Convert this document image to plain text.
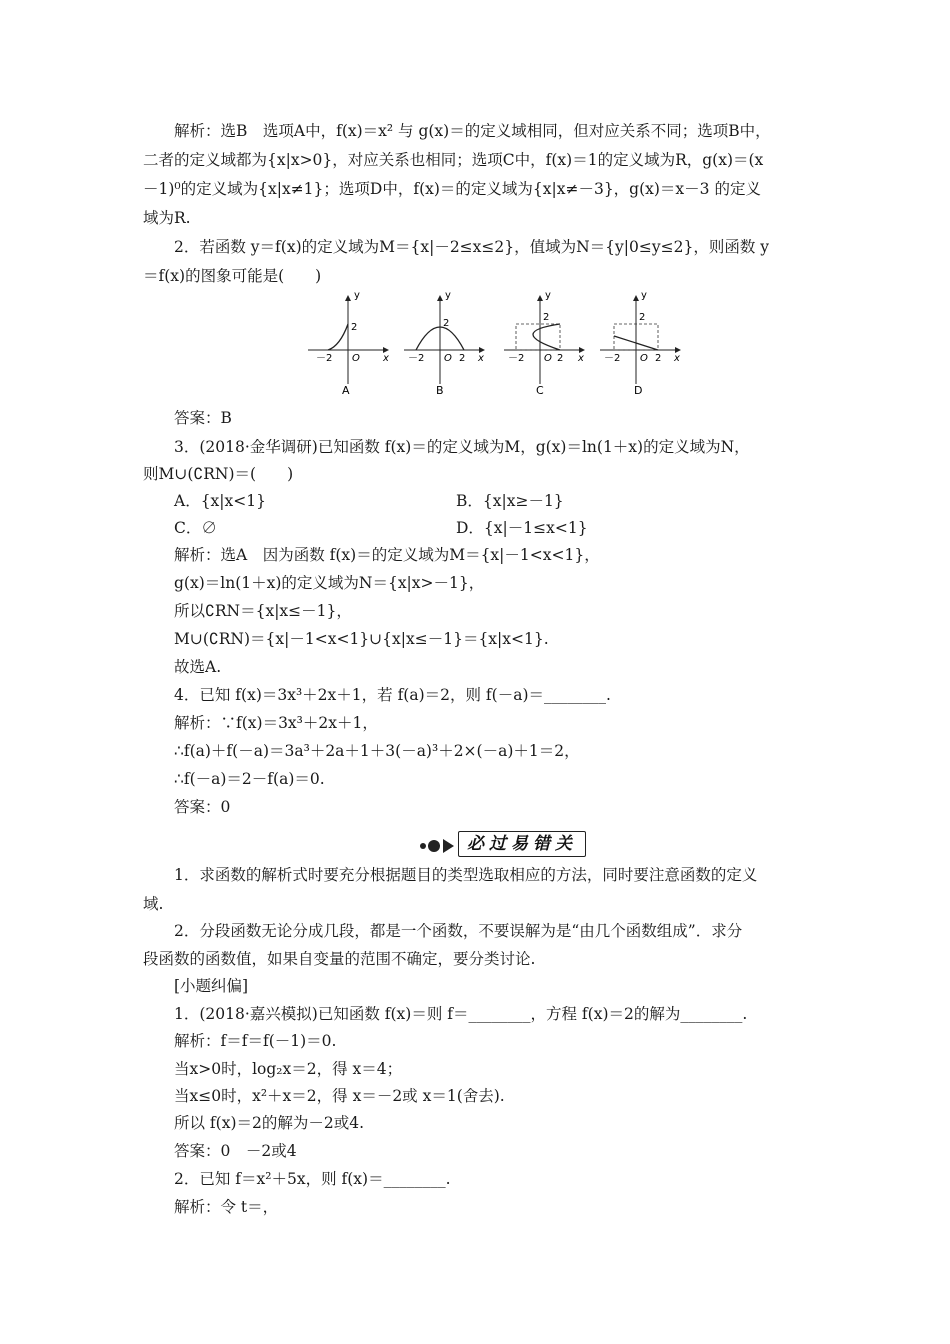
解析：选B　选项A中，f(x)＝x² 与 g(x)＝的定义域相同，但对应关系不同；选项B中，
二者的定义域都为{x|x>0}，对应关系也相同；选项C中，f(x)＝1的定义域为R，g(x)＝(x
－1)⁰的定义域为{x|x≠1}；选项D中，f(x)＝的定义域为{x|x≠－3}，g(x)＝x－3 的定义
域为R.
2．若函数 y＝f(x)的定义域为M＝{x|－2≤x≤2}，值域为N＝{y|0≤y≤2}，则函数 y
＝f(x)的图象可能是(　　)
y
x
2
O
－2
A
y
x
2
O
－2	2
B
y
x
2
O
－2	2
C
y
x
2
O
－2	2
D
答案：B
3．(2018·金华调研)已知函数 f(x)＝的定义域为M，g(x)＝ln(1＋x)的定义域为N，
则M∪(∁RN)＝(　　)
A．{x|x<1}	B．{x|x≥－1}
C．∅	D．{x|－1≤x<1}
解析：选A　因为函数 f(x)＝的定义域为M＝{x|－1<x<1}，
g(x)＝ln(1＋x)的定义域为N＝{x|x>－1}，
所以∁RN＝{x|x≤－1}，
M∪(∁RN)＝{x|－1<x<1}∪{x|x≤－1}＝{x|x<1}.
故选A.
4．已知 f(x)＝3x³＋2x＋1，若 f(a)＝2，则 f(－a)＝________.
解析：∵f(x)＝3x³＋2x＋1，
∴f(a)＋f(－a)＝3a³＋2a＋1＋3(－a)³＋2×(－a)＋1＝2，
∴f(－a)＝2－f(a)＝0.
答案：0
必过易错关
1．求函数的解析式时要充分根据题目的类型选取相应的方法，同时要注意函数的定义
域.
2．分段函数无论分成几段，都是一个函数，不要误解为是“由几个函数组成”．求分
段函数的函数值，如果自变量的范围不确定，要分类讨论.
[小题纠偏]
1．(2018·嘉兴模拟)已知函数 f(x)＝则 f＝________，方程 f(x)＝2的解为________.
解析：f＝f＝f(－1)＝0.
当x>0时，log₂x＝2，得 x＝4；
当x≤0时，x²＋x＝2，得 x＝－2或 x＝1(舍去).
所以 f(x)＝2的解为－2或4.
答案：0　－2或4
2．已知 f＝x²＋5x，则 f(x)＝________.
解析：令 t＝，
